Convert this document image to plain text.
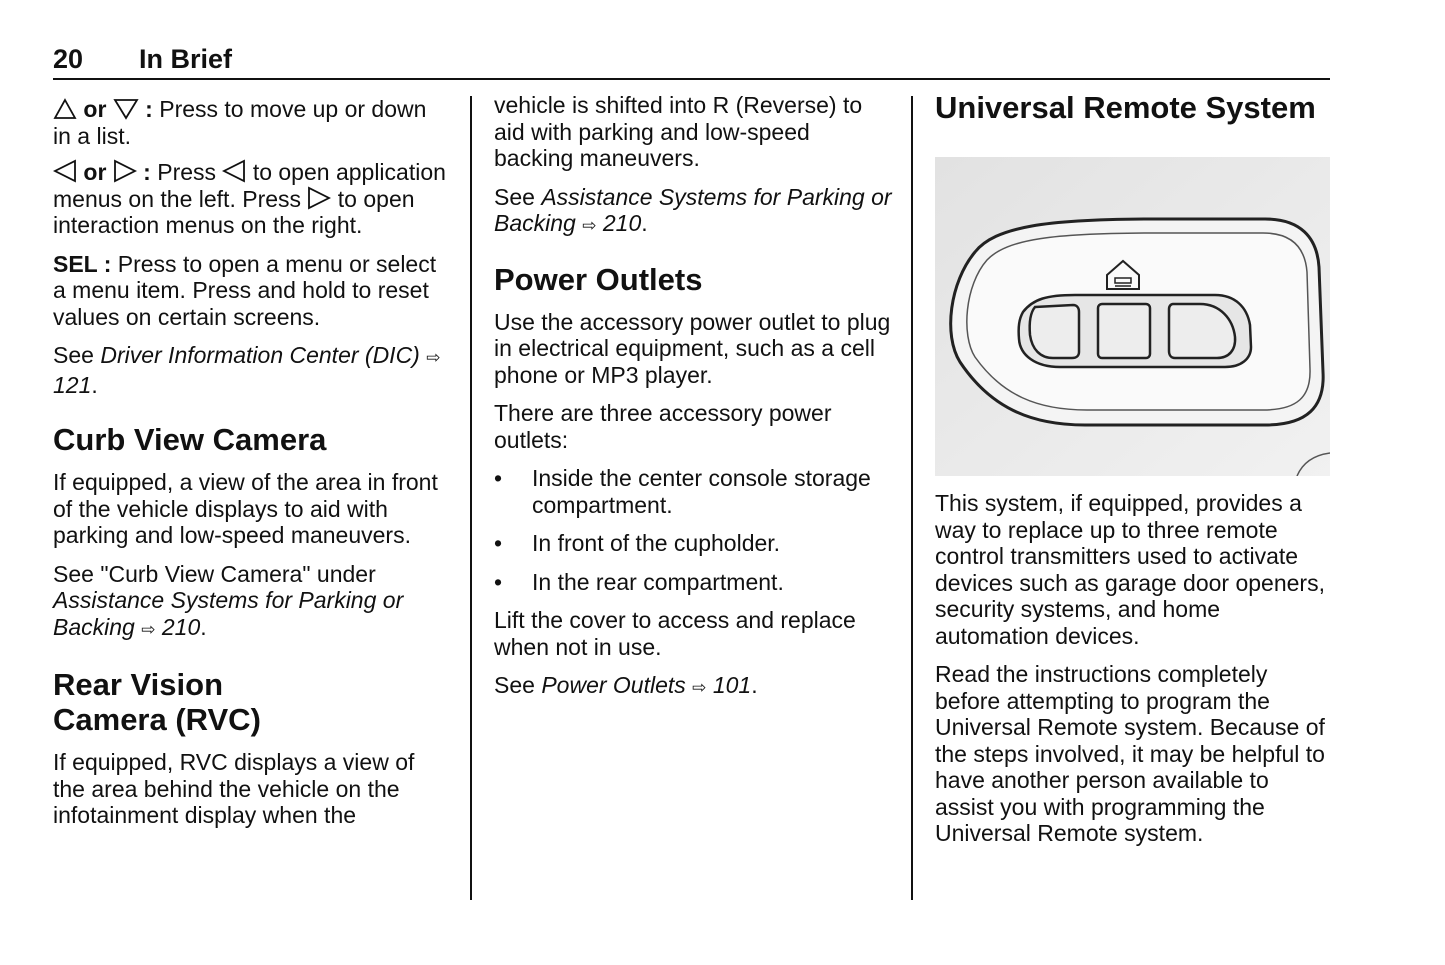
20 In Brief

or : Press to move up or down in a list.

or : Press to open application menus on the left. Press to open interaction menus on the right.

SEL : Press to open a menu or select a menu item. Press and hold to reset values on certain screens.

See Driver Information Center (DIC) ⇨ 121.

Curb View Camera

If equipped, a view of the area in front of the vehicle displays to aid with parking and low-speed maneuvers.

See "Curb View Camera" under Assistance Systems for Parking or Backing ⇨ 210.

Rear Vision
Camera (RVC)

If equipped, RVC displays a view of the area behind the vehicle on the infotainment display when the

vehicle is shifted into R (Reverse) to aid with parking and low-speed backing maneuvers.

See Assistance Systems for Parking or Backing ⇨ 210.

Power Outlets

Use the accessory power outlet to plug in electrical equipment, such as a cell phone or MP3 player.

There are three accessory power outlets:

• Inside the center console storage compartment.
• In front of the cupholder.
• In the rear compartment.

Lift the cover to access and replace when not in use.

See Power Outlets ⇨ 101.

Universal Remote System

This system, if equipped, provides a way to replace up to three remote control transmitters used to activate devices such as garage door openers, security systems, and home automation devices.

Read the instructions completely before attempting to program the Universal Remote system. Because of the steps involved, it may be helpful to have another person available to assist you with programming the Universal Remote system.
